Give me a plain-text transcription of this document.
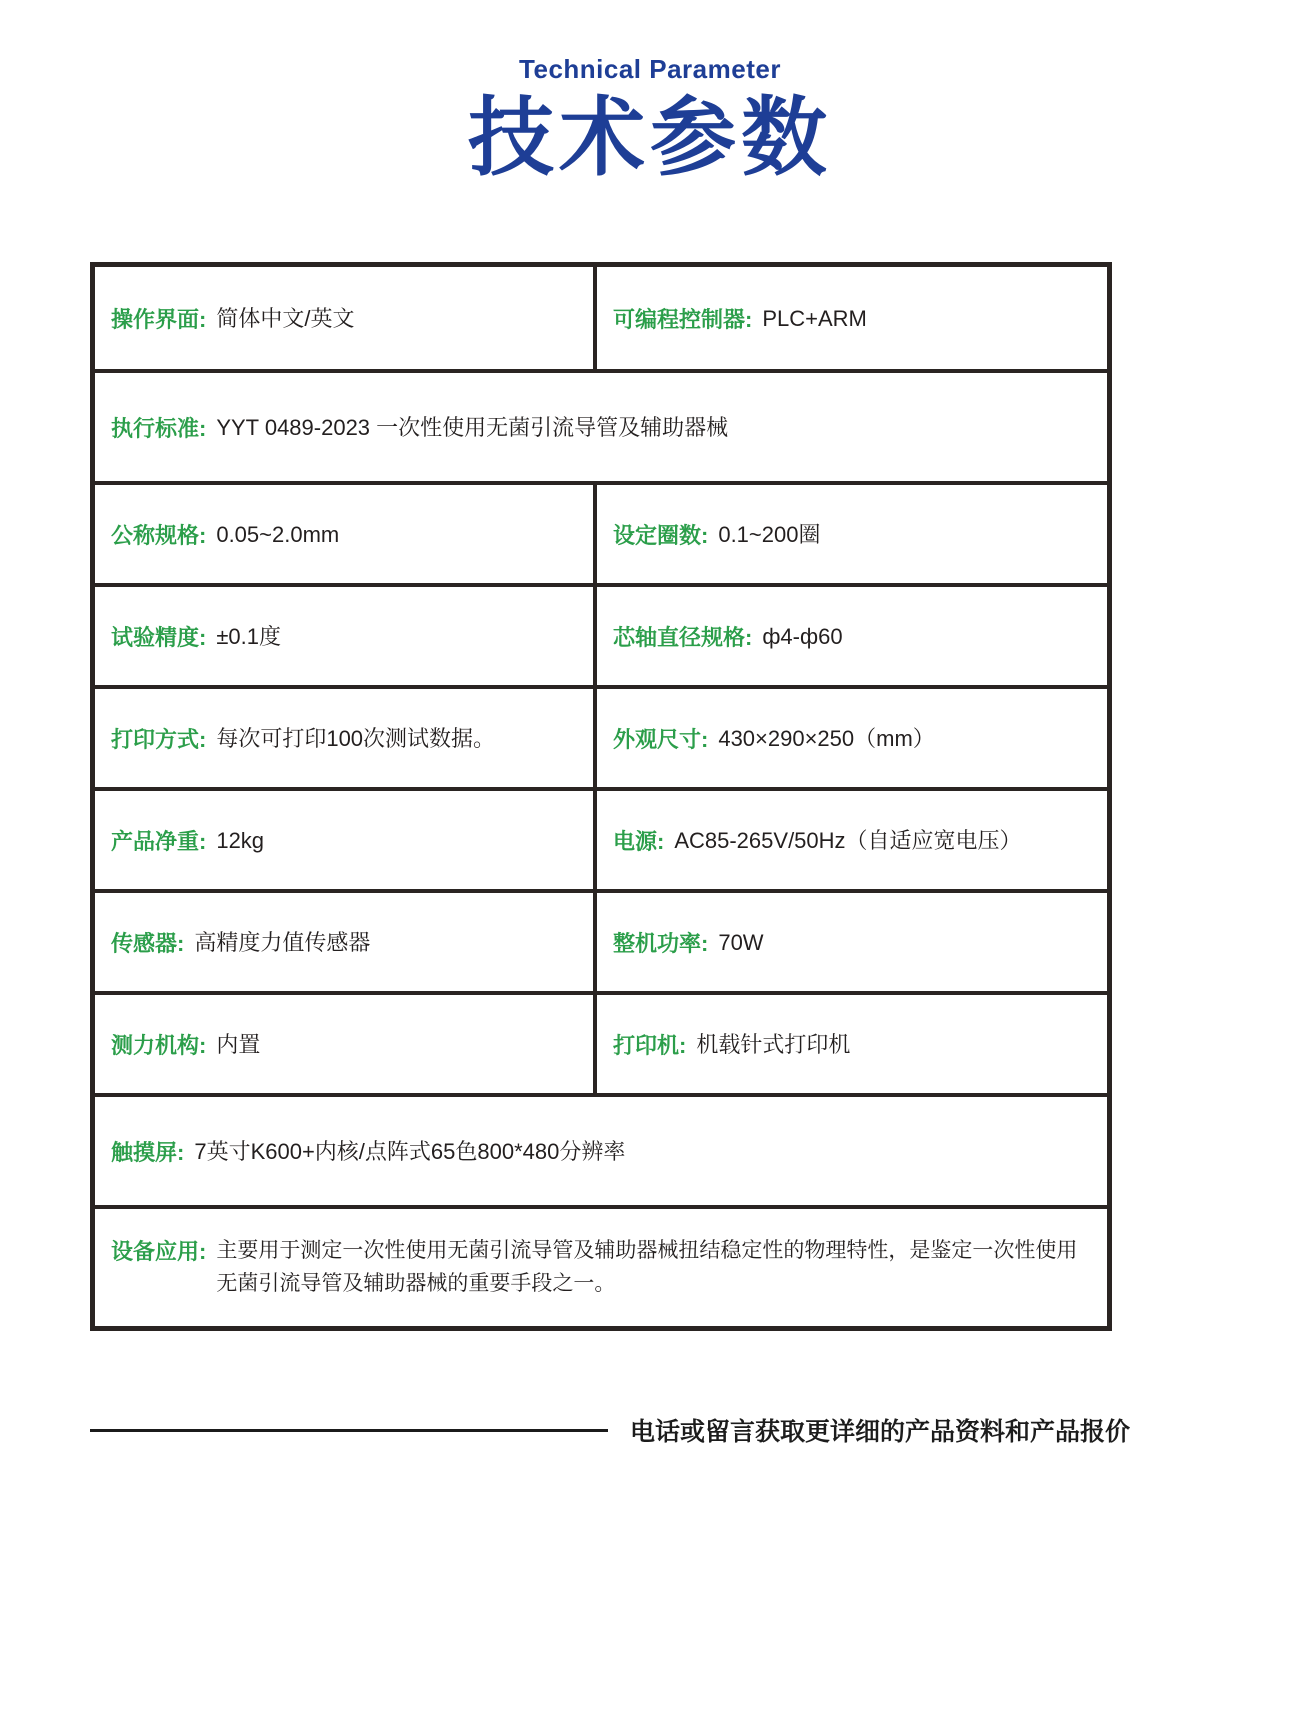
Technical Parameter
技术参数
操作界面: 简体中文/英文	可编程控制器: PLC+ARM
执行标准: YYT 0489-2023 一次性使用无菌引流导管及辅助器械
公称规格: 0.05~2.0mm	设定圈数: 0.1~200圈
试验精度: ±0.1度	芯轴直径规格: ф4-ф60
打印方式: 每次可打印100次测试数据。	外观尺寸: 430×290×250（mm）
产品净重: 12kg	电源: AC85-265V/50Hz（自适应宽电压）
传感器: 高精度力值传感器	整机功率: 70W
测力机构: 内置	打印机: 机载针式打印机
触摸屏: 7英寸K600+内核/点阵式65色800*480分辨率
设备应用: 主要用于测定一次性使用无菌引流导管及辅助器械扭结稳定性的物理特性，是鉴定一次性使用无菌引流导管及辅助器械的重要手段之一。
电话或留言获取更详细的产品资料和产品报价
